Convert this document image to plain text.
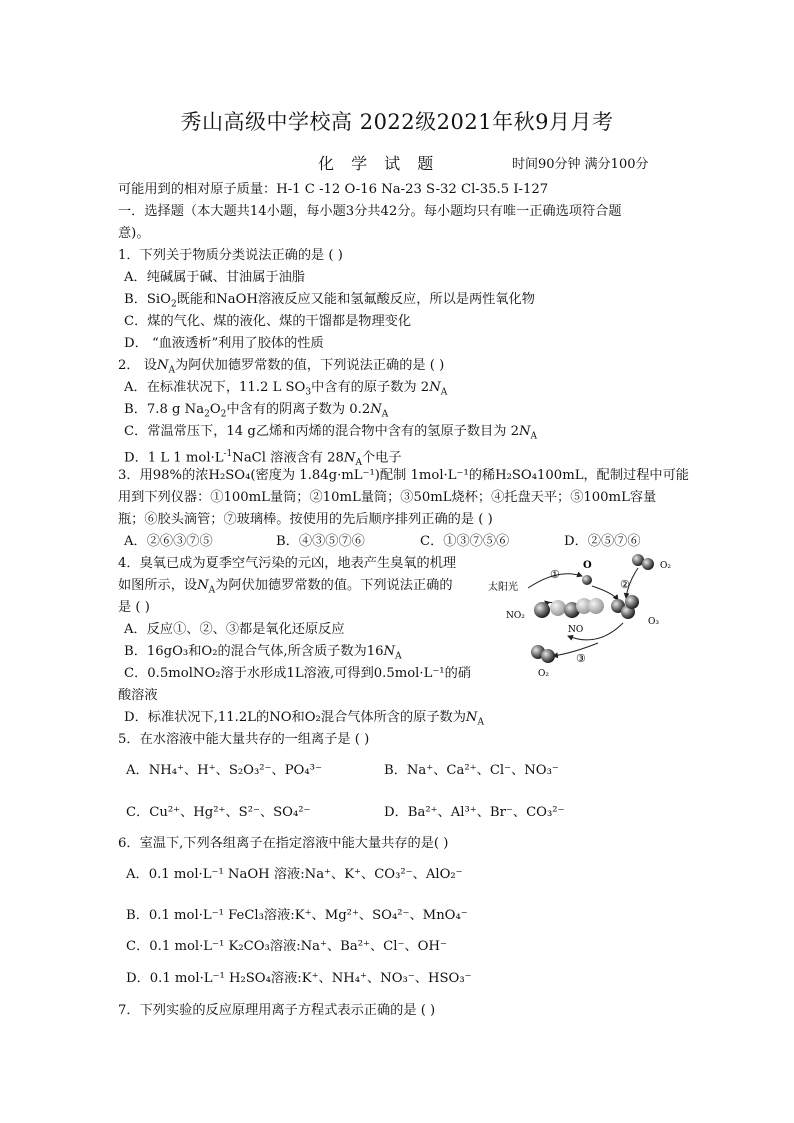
秀山高级中学校高 2022级2021年秋9月月考
化 学 试 题	时间90分钟 满分100分
可能用到的相对原子质量：H-1 C -12 O-16 Na-23 S-32 Cl-35.5 I-127
一．选择题（本大题共14小题，每小题3分共42分。每小题均只有唯一正确选项符合题
意)。
1．下列关于物质分类说法正确的是 ( )
A．纯碱属于碱、甘油属于油脂
B．SiO$_2$既能和NaOH溶液反应又能和氢氟酸反应，所以是两性氧化物
C．煤的气化、煤的液化、煤的干馏都是物理变化
D． “血液透析”利用了胶体的性质
2． 设$N_A$为阿伏加德罗常数的值，下列说法正确的是 ( )
A．在标准状况下，11.2 L $SO_3$中含有的原子数为 $2N_A$
B．7.8 g $Na_2O_2$中含有的阴离子数为 $0.2N_A$
C．常温常压下，14 g乙烯和丙烯的混合物中含有的氢原子数目为 $2N_A$
D．1 L 1 $mol\cdot L^{-1}NaCl$ 溶液含有 $28N_A$个电子
3．用98%的浓H₂SO₄(密度为 1.84g·mL⁻¹)配制 1mol·L⁻¹的稀H₂SO₄100mL，配制过程中可能
用到下列仪器：①100mL量筒；②10mL量筒；③50mL烧杯；④托盘天平；⑤100mL容量
瓶；⑥胶头滴管；⑦玻璃棒。按使用的先后顺序排列正确的是 ( )
A．②⑥③⑦⑤	B．④③⑤⑦⑥	C．①③⑦⑤⑥	D．②⑤⑦⑥
4．臭氧已成为夏季空气污染的元凶，地表产生臭氧的机理
如图所示，设$N_A$为阿伏加德罗常数的值。下列说法正确的
是 ( )
A．反应①、②、③都是氧化还原反应
B．16gO₃和O₂的混合气体,所含质子数为$16N_A$
C．0.5molNO₂溶于水形成1L溶液,可得到0.5mol·L⁻¹的硝
酸溶液
D．标准状况下,11.2L的NO和O₂混合气体所含的原子数为$N_A$
太阳光
①
②
③
O	O₂
NO₂
NO
O₃
O₂
5．在水溶液中能大量共存的一组离子是 ( )
A．NH₄⁺、H⁺、S₂O₃²⁻、PO₄³⁻	B．Na⁺、Ca²⁺、Cl⁻、NO₃⁻
C．Cu²⁺、Hg²⁺、S²⁻、SO₄²⁻	D．Ba²⁺、Al³⁺、Br⁻、CO₃²⁻
6．室温下,下列各组离子在指定溶液中能大量共存的是( )
A．0.1 mol·L⁻¹ NaOH 溶液:Na⁺、K⁺、CO₃²⁻、AlO₂⁻
B．0.1 mol·L⁻¹ FeCl₃溶液:K⁺、Mg²⁺、SO₄²⁻、MnO₄⁻
C．0.1 mol·L⁻¹ K₂CO₃溶液:Na⁺、Ba²⁺、Cl⁻、OH⁻
D．0.1 mol·L⁻¹ H₂SO₄溶液:K⁺、NH₄⁺、NO₃⁻、HSO₃⁻
7．下列实验的反应原理用离子方程式表示正确的是 ( )
